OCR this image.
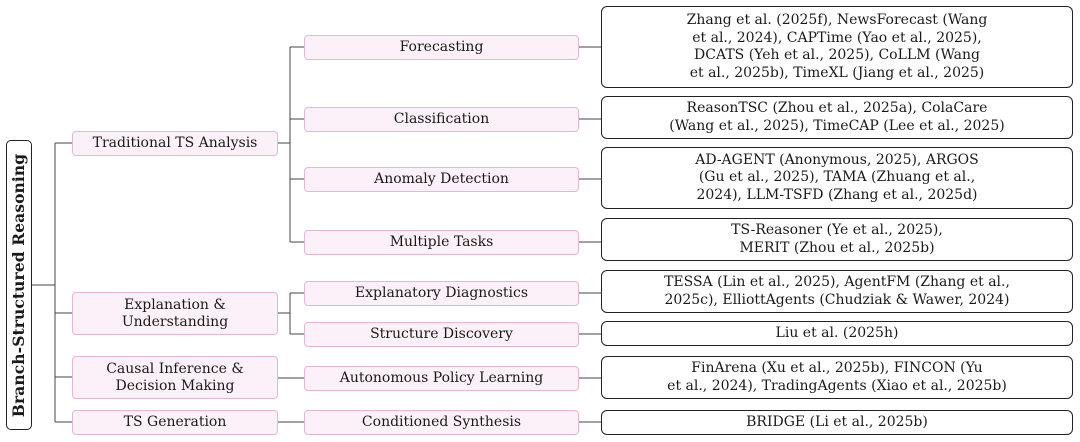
Branch-Structured Reasoning
Traditional TS Analysis
Explanation &
Understanding
Causal Inference &
Decision Making
TS Generation
Forecasting
Classification
Anomaly Detection
Multiple Tasks
Explanatory Diagnostics
Structure Discovery
Autonomous Policy Learning
Conditioned Synthesis
Zhang et al. (2025f), NewsForecast (Wang
et al., 2024), CAPTime (Yao et al., 2025),
DCATS (Yeh et al., 2025), CoLLM (Wang
et al., 2025b), TimeXL (Jiang et al., 2025)
ReasonTSC (Zhou et al., 2025a), ColaCare
(Wang et al., 2025), TimeCAP (Lee et al., 2025)
AD-AGENT (Anonymous, 2025), ARGOS
(Gu et al., 2025), TAMA (Zhuang et al.,
2024), LLM-TSFD (Zhang et al., 2025d)
TS-Reasoner (Ye et al., 2025),
MERIT (Zhou et al., 2025b)
TESSA (Lin et al., 2025), AgentFM (Zhang et al.,
2025c), ElliottAgents (Chudziak & Wawer, 2024)
Liu et al. (2025h)
FinArena (Xu et al., 2025b), FINCON (Yu
et al., 2024), TradingAgents (Xiao et al., 2025b)
BRIDGE (Li et al., 2025b)
